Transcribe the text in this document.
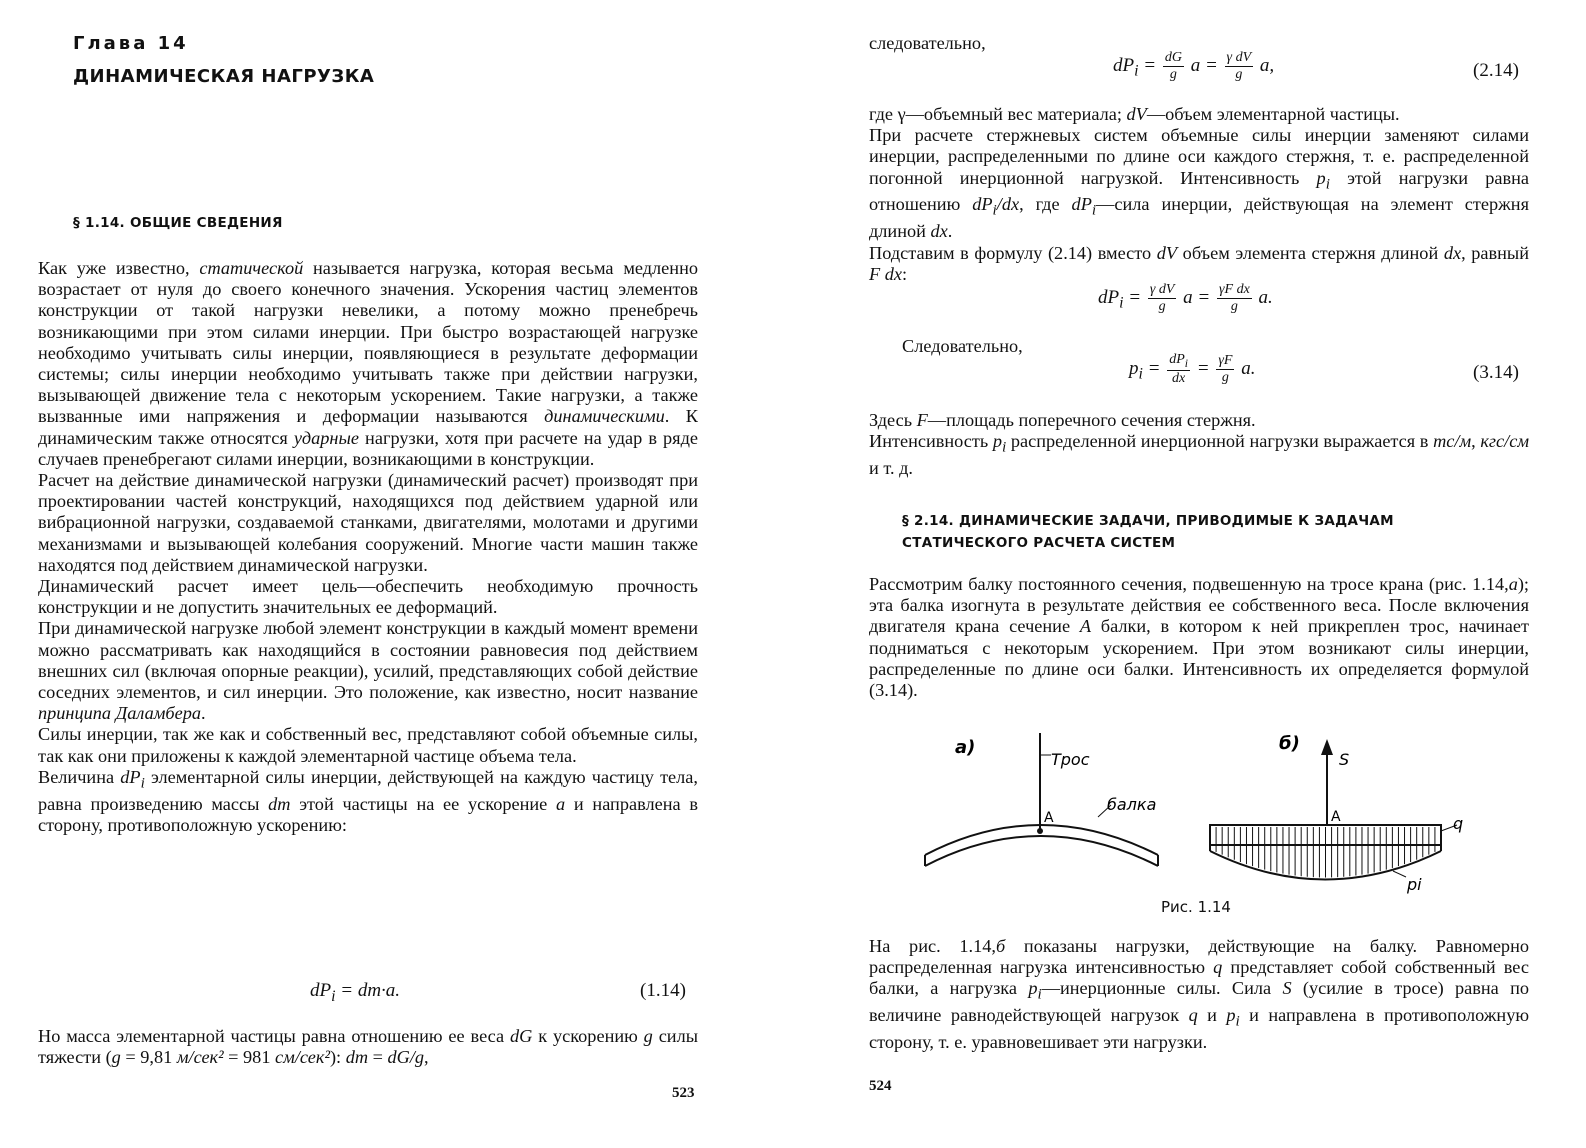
Глава 14
ДИНАМИЧЕСКАЯ НАГРУЗКА
§ 1.14. ОБЩИЕ СВЕДЕНИЯ

Как уже известно, статической называется нагрузка, которая весьма медленно возрастает от нуля до своего конечного значения. Ускорения частиц элементов конструкции от такой нагрузки невелики, а потому можно пренебречь возникающими при этом силами инерции. При быстро возрастающей нагрузке необходимо учитывать силы инерции, появляющиеся в результате деформации системы; силы инерции необходимо учитывать также при действии нагрузки, вызывающей движение тела с некоторым ускорением. Такие нагрузки, а также вызванные ими напряжения и деформации называются динамическими. К динамическим также относятся ударные нагрузки, хотя при расчете на удар в ряде случаев пренебрегают силами инерции, возникающими в конструкции.

Расчет на действие динамической нагрузки (динамический расчет) производят при проектировании частей конструкций, находящихся под действием ударной или вибрационной нагрузки, создаваемой станками, двигателями, молотами и другими механизмами и вызывающей колебания сооружений. Многие части машин также находятся под действием динамической нагрузки.

Динамический расчет имеет цель—обеспечить необходимую прочность конструкции и не допустить значительных ее деформаций.

При динамической нагрузке любой элемент конструкции в каждый момент времени можно рассматривать как находящийся в состоянии равновесия под действием внешних сил (включая опорные реакции), усилий, представляющих собой действие соседних элементов, и сил инерции. Это положение, как известно, носит название принципа Даламбера.

Силы инерции, так же как и собственный вес, представляют собой объемные силы, так как они приложены к каждой элементарной частице объема тела.

Величина $dP_i$ элементарной силы инерции, действующей на каждую частицу тела, равна произведению массы dm этой частицы на ее ускорение a и направлена в сторону, противоположную ускорению:

$dP_i = dm\cdot a$.	(1.14)

Но масса элементарной частицы равна отношению ее веса dG к ускорению g силы тяжести (g = 9,81 м/сек² = 981 см/сек²): dm = dG/g,

523
следовательно,
$dP_i = \frac{dG}{g}$ $a = \frac{\text{γ dV}}{g} a$,	(2.14)

где γ—объемный вес материала; dV—объем элементарной частицы.

При расчете стержневых систем объемные силы инерции заменяют силами инерции, распределенными по длине оси каждого стержня, т. е. распределенной погонной инерционной нагрузкой. Интенсивность $p_i$ этой нагрузки равна отношению $dP_i/dx$, где $dP_i—сила$ инерции, действующая на элемент стержня длиной dx.

Подставим в формулу (2.14) вместо dV объем элемента стержня длиной dx, равный F dx:

$dP_i = \frac{\text{γ dV}}{g}$ $a = \frac{\text{γF dx}}{g} a$.
Следовательно,
$p_i = \frac{dP_i}{dx} = \frac{\gamma F}{g} a$.	(3.14)

Здесь F—площадь поперечного сечения стержня.

Интенсивность $p_i$ распределенной инерционной нагрузки выражается в тс/м, кгс/см и т. д.

§ 2.14. ДИНАМИЧЕСКИЕ ЗАДАЧИ, ПРИВОДИМЫЕ К ЗАДАЧАМ
СТАТИЧЕСКОГО РАСЧЕТА СИСТЕМ

Рассмотрим балку постоянного сечения, подвешенную на тросе крана (рис. 1.14,а); эта балка изогнута в результате действия ее собственного веса. После включения двигателя крана сечение A балки, в котором к ней прикреплен трос, начинает подниматься с некоторым ускорением. При этом возникают силы инерции, распределенные по длине оси балки. Интенсивность их определяется формулой (3.14).

а)
Трос
A
балка
б)
S
A	q
pi
Рис. 1.14

На рис. 1.14,б показаны нагрузки, действующие на балку. Равномерно распределенная нагрузка интенсивностью q представляет собой собственный вес балки, а нагрузка $p_i—инерционные$ силы. Сила S (усилие в тросе) равна по величине равнодействующей нагрузок q и $p_i$ и направлена в противоположную сторону, т. е. уравновешивает эти нагрузки.

524
